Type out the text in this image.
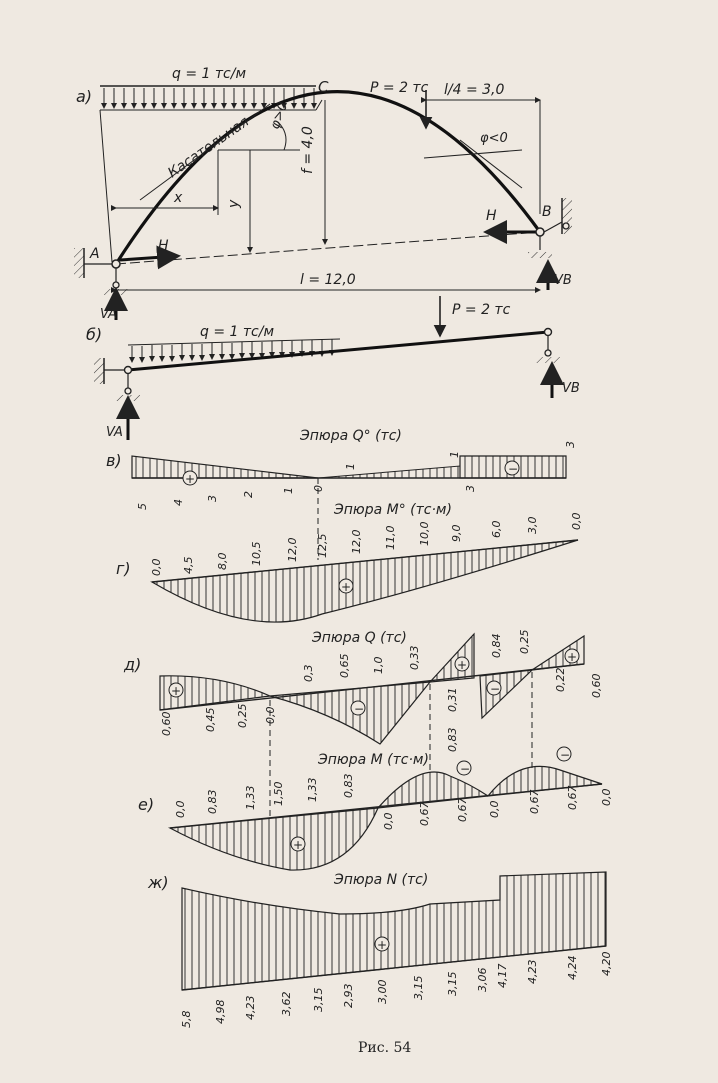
а)
q = 1 тс/м
Касательная φ>0
x	y
f = 4,0
C	P = 2 тс l/4 = 3,0
φ<0
H
H
A
VA
B
VB
l = 12,0
б)	q = 1 тс/м
P = 2 тс
VA
VB
Эпюра Q° (тс)
в)
+
−
5
4
3
2
1 0
1
1
3
3
Эпюра M° (тс·м)
г)
+
0,0 4,5 8,0 10,5 12,0 12,5 12,0 11,0 10,0 9,0 6,0 3,0	0,0
Эпюра Q (тс)
д)
+
−
+
−
+
0,60	0,45 0,25 0,0
0,3 0,65 1,0 0,33
0,31
0,83
0,84 0,25
0,22 0,60
Эпюра M (тс·м)
е)
+
−
−
0,0 0,83 1,33 1,50 1,33 0,83
0,0 0,67 0,67 0,0 0,67 0,67 0,0
ж)	Эпюра N (тс)
+
5,8 4,98 4,23 3,62 3,15 2,93 3,00 3,15 3,15 3,06 4,17 4,23 4,24 4,20
Рис. 54
